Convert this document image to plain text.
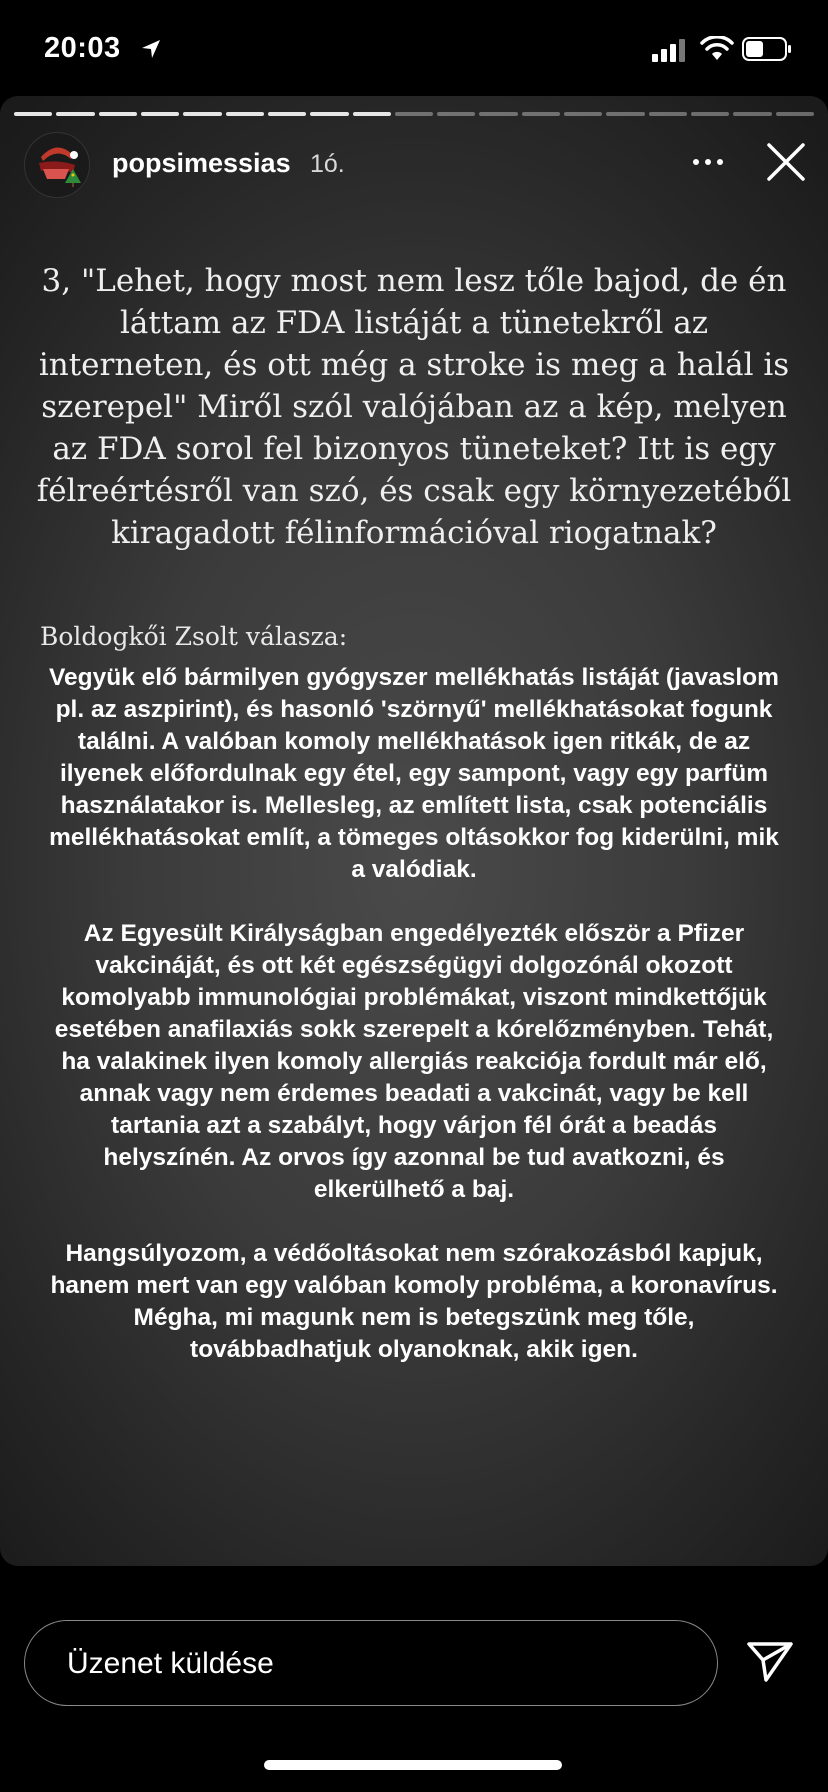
20:03
popsimessias 1ó.
3, "Lehet, hogy most nem lesz tőle bajod, de én láttam az FDA listáját a tünetekről az interneten, és ott még a stroke is meg a halál is szerepel" Miről szól valójában az a kép, melyen az FDA sorol fel bizonyos tüneteket? Itt is egy félreértésről van szó, és csak egy környezetéből kiragadott félinformációval riogatnak?
Boldogkői Zsolt válasza:

Vegyük elő bármilyen gyógyszer mellékhatás listáját (javaslom pl. az aszpirint), és hasonló 'szörnyű' mellékhatásokat fogunk találni. A valóban komoly mellékhatások igen ritkák, de az ilyenek előfordulnak egy étel, egy sampont, vagy egy parfüm használatakor is. Mellesleg, az említett lista, csak potenciális mellékhatásokat említ, a tömeges oltásokkor fog kiderülni, mik a valódiak.

Az Egyesült Királyságban engedélyezték először a Pfizer vakcináját, és ott két egészségügyi dolgozónál okozott komolyabb immunológiai problémákat, viszont mindkettőjük esetében anafilaxiás sokk szerepelt a kórelőzményben. Tehát, ha valakinek ilyen komoly allergiás reakciója fordult már elő, annak vagy nem érdemes beadati a vakcinát, vagy be kell tartania azt a szabályt, hogy várjon fél órát a beadás helyszínén. Az orvos így azonnal be tud avatkozni, és elkerülhető a baj.

Hangsúlyozom, a védőoltásokat nem szórakozásból kapjuk, hanem mert van egy valóban komoly probléma, a koronavírus. Mégha, mi magunk nem is betegszünk meg tőle, továbbadhatjuk olyanoknak, akik igen.

Üzenet küldése
